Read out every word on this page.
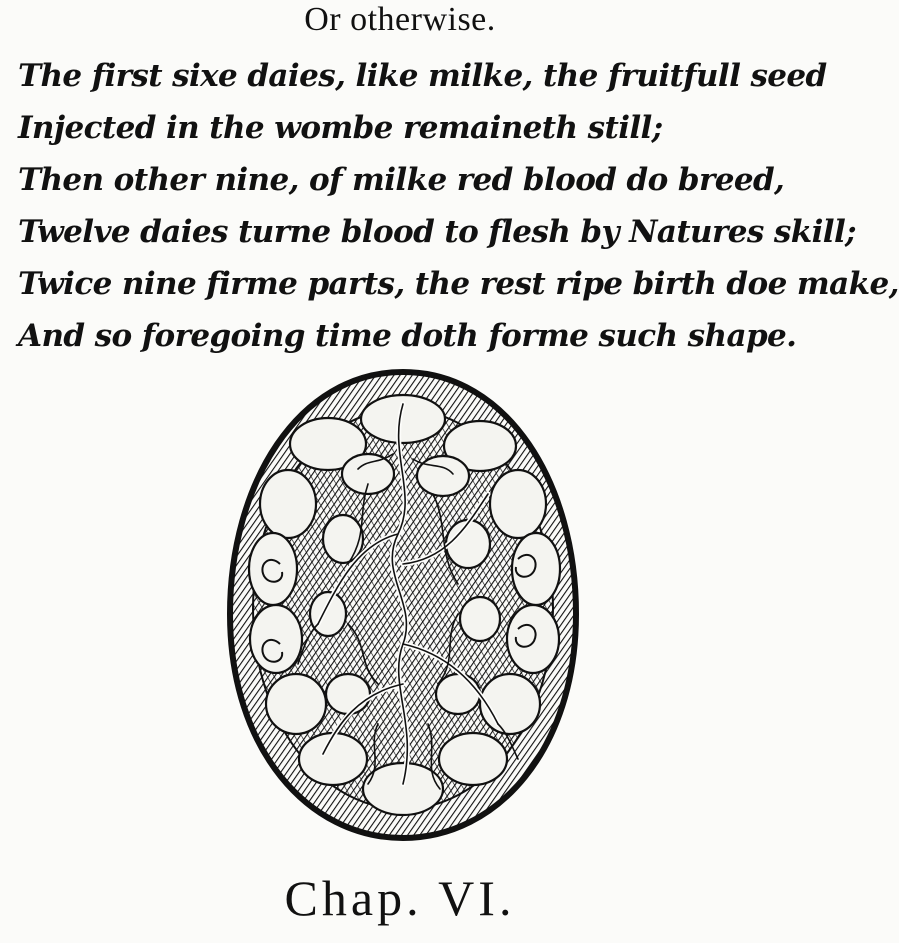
Or otherwise.
The first sixe daies, like milke, the fruitfull seed
Injected in the wombe remaineth still;
Then other nine, of milke red blood do breed,
Twelve daies turne blood to flesh by Natures skill;
Twice nine firme parts, the rest ripe birth doe make,
And so foregoing time doth forme such shape.
Chap. VI.
